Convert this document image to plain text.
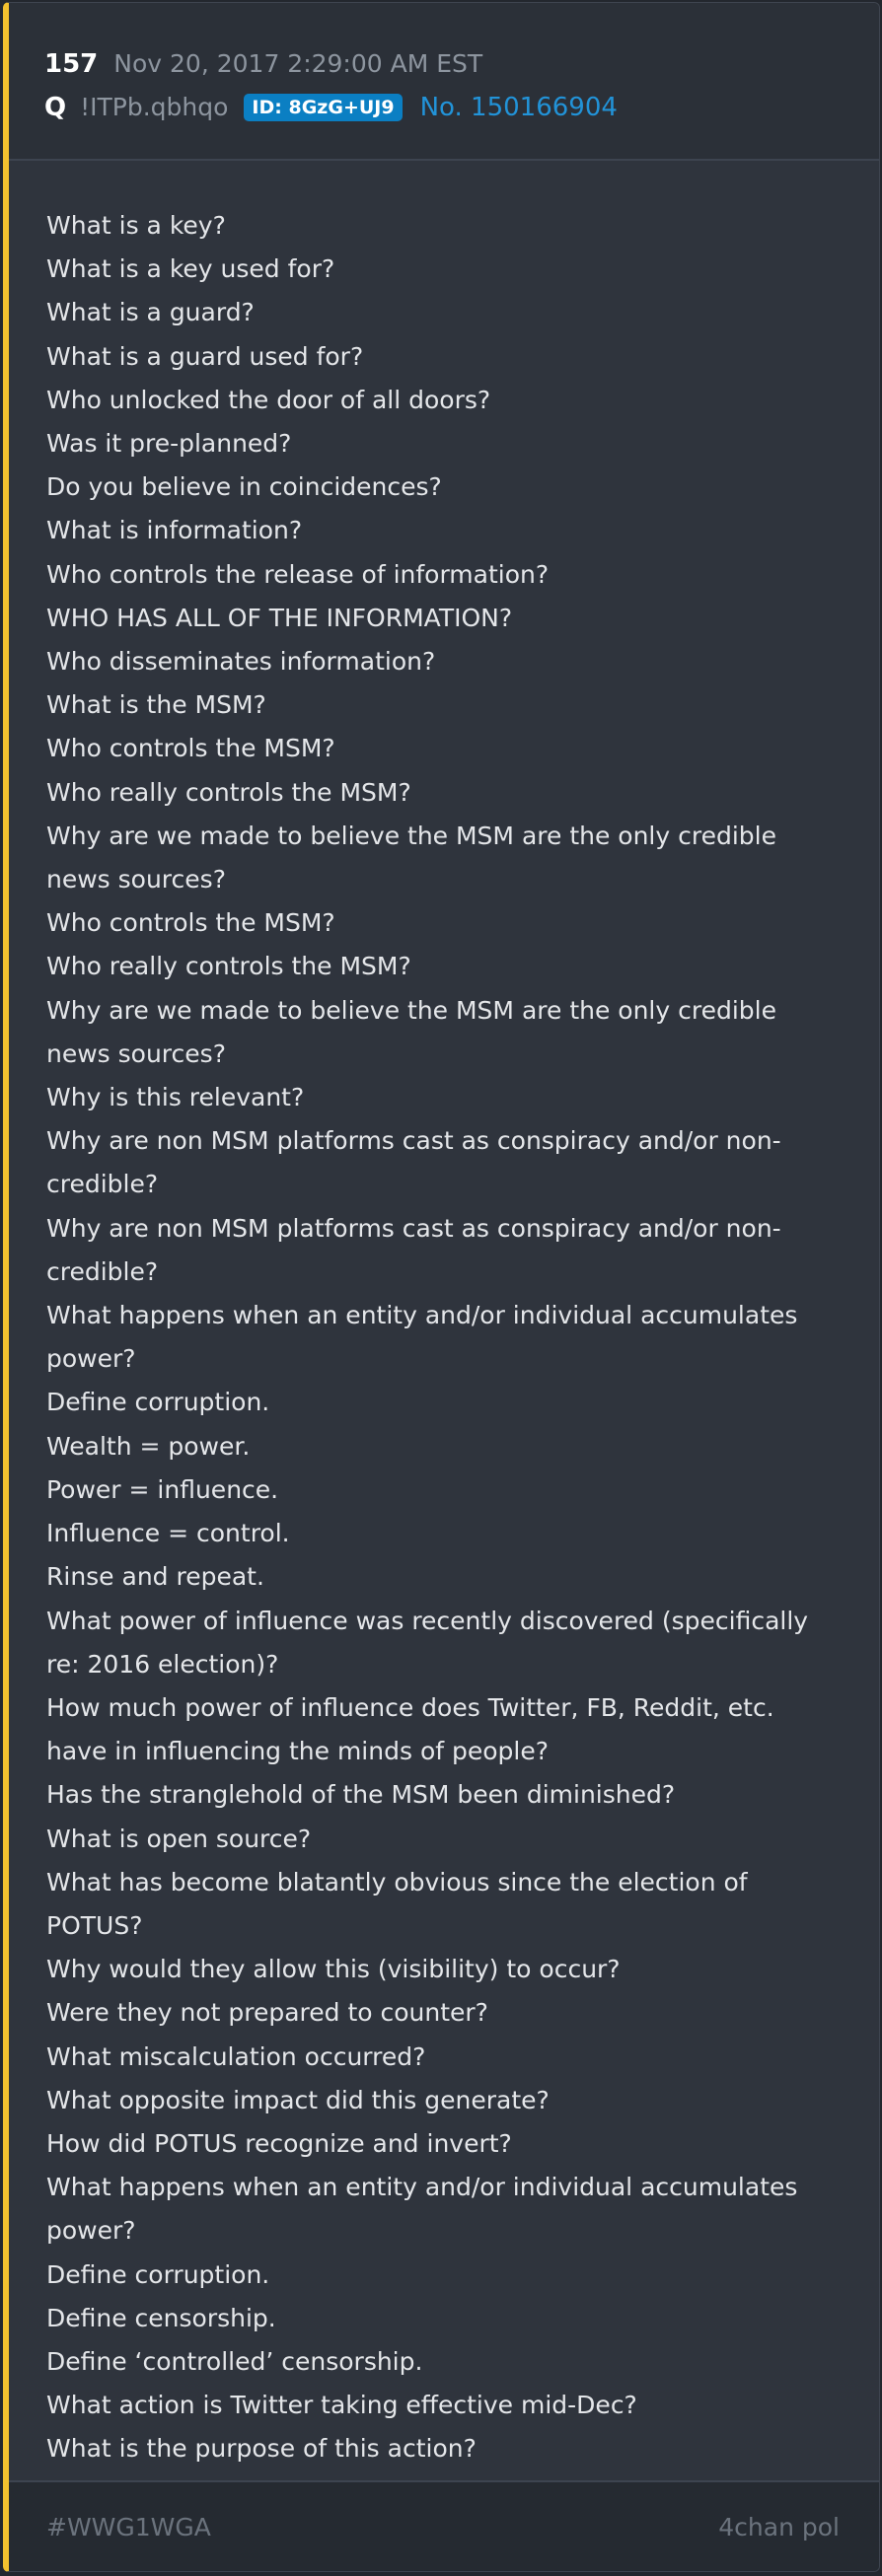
157 Nov 20, 2017 2:29:00 AM EST
Q !ITPb.qbhqo	ID: 8GzG+UJ9	No. 150166904

What is a key?

What is a key used for?

What is a guard?

What is a guard used for?

Who unlocked the door of all doors?

Was it pre-planned?

Do you believe in coincidences?

What is information?

Who controls the release of information?

WHO HAS ALL OF THE INFORMATION?

Who disseminates information?

What is the MSM?

Who controls the MSM?

Who really controls the MSM?

Why are we made to believe the MSM are the only credible news sources?

Who controls the MSM?

Who really controls the MSM?

Why are we made to believe the MSM are the only credible news sources?

Why is this relevant?

Why are non MSM platforms cast as conspiracy and/or non-credible?

Why are non MSM platforms cast as conspiracy and/or non-credible?

What happens when an entity and/or individual accumulates power?

Define corruption.

Wealth = power.

Power = influence.

Influence = control.

Rinse and repeat.

What power of influence was recently discovered (specifically re: 2016 election)?

How much power of influence does Twitter, FB, Reddit, etc. have in influencing the minds of people?

Has the stranglehold of the MSM been diminished?

What is open source?

What has become blatantly obvious since the election of POTUS?

Why would they allow this (visibility) to occur?

Were they not prepared to counter?

What miscalculation occurred?

What opposite impact did this generate?

How did POTUS recognize and invert?

What happens when an entity and/or individual accumulates power?

Define corruption.

Define censorship.

Define ‘controlled’ censorship.

What action is Twitter taking effective mid-Dec?

What is the purpose of this action?

#WWG1WGA	4chan pol
